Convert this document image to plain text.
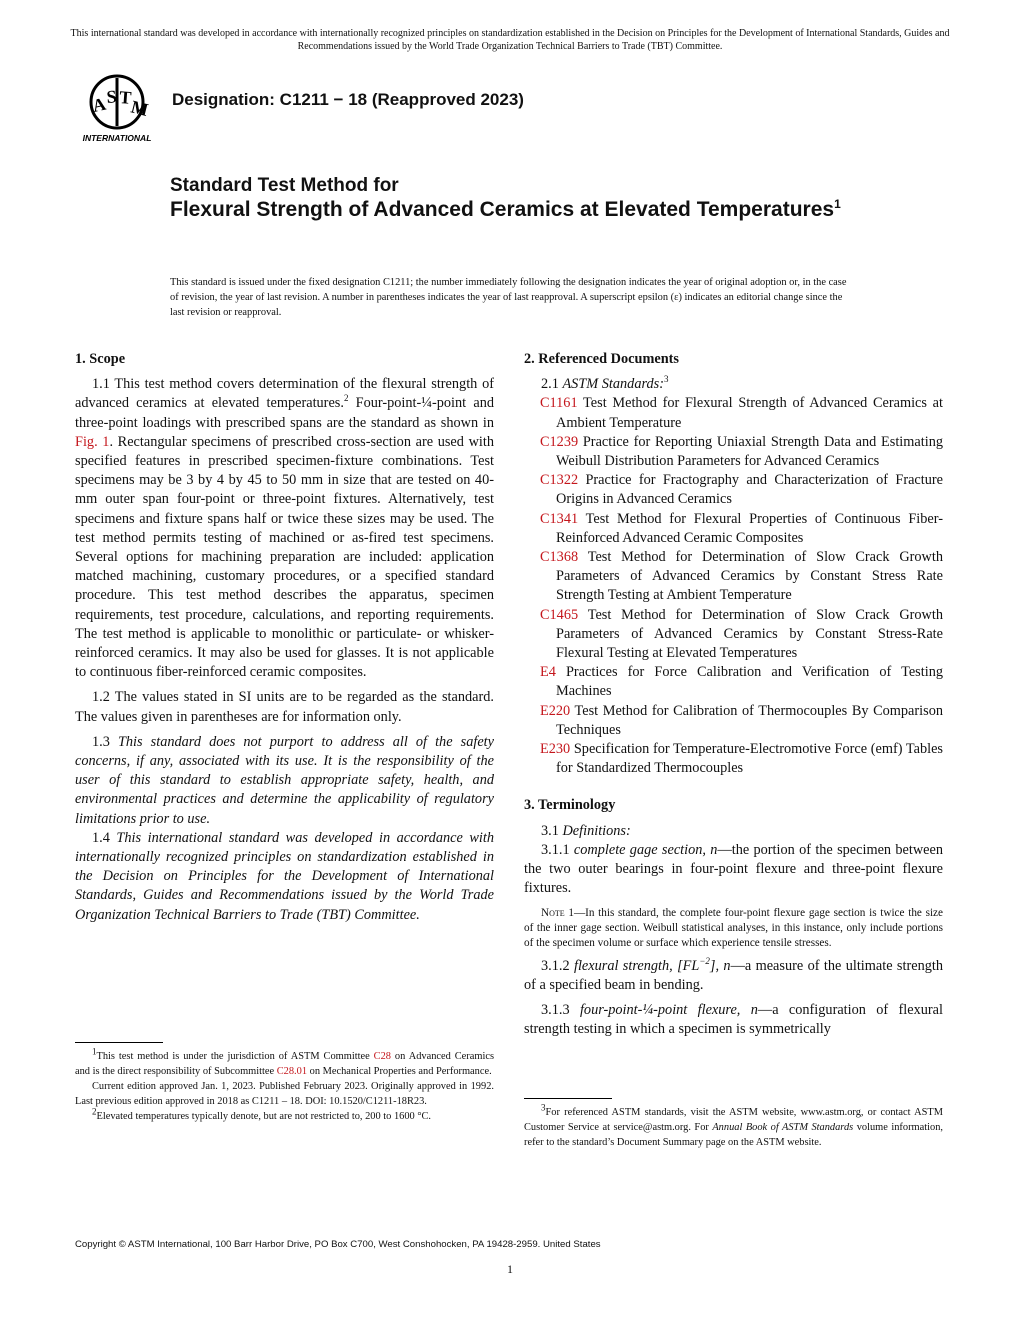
This international standard was developed in accordance with internationally recognized principles on standardization established in the Decision on Principles for the Development of International Standards, Guides and Recommendations issued by the World Trade Organization Technical Barriers to Trade (TBT) Committee.
A
S T
M
INTERNATIONAL
Designation: C1211 − 18 (Reapproved 2023)
Standard Test Method for
Flexural Strength of Advanced Ceramics at Elevated Temperatures$^1$
This standard is issued under the fixed designation C1211; the number immediately following the designation indicates the year of original adoption or, in the case of revision, the year of last revision. A number in parentheses indicates the year of last reapproval. A superscript epsilon (ε) indicates an editorial change since the last revision or reapproval.
1. Scope

1.1 This test method covers determination of the flexural strength of advanced ceramics at elevated temperatures.$^2$ Four-point-¼-point and three-point loadings with prescribed spans are the standard as shown in Fig. 1. Rectangular specimens of prescribed cross-section are used with specified features in prescribed specimen-fixture combinations. Test specimens may be 3 by 4 by 45 to 50 mm in size that are tested on 40-mm outer span four-point or three-point fixtures. Alternatively, test specimens and fixture spans half or twice these sizes may be used. The test method permits testing of machined or as-fired test specimens. Several options for machining preparation are included: application matched machining, customary procedures, or a specified standard procedure. This test method describes the apparatus, specimen requirements, test procedure, calculations, and reporting requirements. The test method is applicable to monolithic or particulate- or whisker-reinforced ceramics. It may also be used for glasses. It is not applicable to continuous fiber-reinforced ceramic composites.

1.2 The values stated in SI units are to be regarded as the standard. The values given in parentheses are for information only.

1.3 This standard does not purport to address all of the safety concerns, if any, associated with its use. It is the responsibility of the user of this standard to establish appropriate safety, health, and environmental practices and determine the applicability of regulatory limitations prior to use.

1.4 This international standard was developed in accordance with internationally recognized principles on standardization established in the Decision on Principles for the Development of International Standards, Guides and Recommendations issued by the World Trade Organization Technical Barriers to Trade (TBT) Committee.

$^1$This test method is under the jurisdiction of ASTM Committee C28 on Advanced Ceramics and is the direct responsibility of Subcommittee C28.01 on Mechanical Properties and Performance.

Current edition approved Jan. 1, 2023. Published February 2023. Originally approved in 1992. Last previous edition approved in 2018 as C1211 – 18. DOI: 10.1520/C1211-18R23.

$^2$Elevated temperatures typically denote, but are not restricted to, 200 to 1600 °C.

2. Referenced Documents

2.1 ASTM Standards:$^3$

C1161 Test Method for Flexural Strength of Advanced Ceramics at Ambient Temperature

C1239 Practice for Reporting Uniaxial Strength Data and Estimating Weibull Distribution Parameters for Advanced Ceramics

C1322 Practice for Fractography and Characterization of Fracture Origins in Advanced Ceramics

C1341 Test Method for Flexural Properties of Continuous Fiber-Reinforced Advanced Ceramic Composites

C1368 Test Method for Determination of Slow Crack Growth Parameters of Advanced Ceramics by Constant Stress Rate Strength Testing at Ambient Temperature

C1465 Test Method for Determination of Slow Crack Growth Parameters of Advanced Ceramics by Constant Stress-Rate Flexural Testing at Elevated Temperatures

E4 Practices for Force Calibration and Verification of Testing Machines

E220 Test Method for Calibration of Thermocouples By Comparison Techniques

E230 Specification for Temperature-Electromotive Force (emf) Tables for Standardized Thermocouples

3. Terminology

3.1 Definitions:

3.1.1 complete gage section, n—the portion of the specimen between the two outer bearings in four-point flexure and three-point flexure fixtures.

Note 1—In this standard, the complete four-point flexure gage section is twice the size of the inner gage section. Weibull statistical analyses, in this instance, only include portions of the specimen volume or surface which experience tensile stresses.

3.1.2 flexural strength, $[FL^{-2}]$, n—a measure of the ultimate strength of a specified beam in bending.

3.1.3 four-point-¼-point flexure, n—a configuration of flexural strength testing in which a specimen is symmetrically

$^3$For referenced ASTM standards, visit the ASTM website, www.astm.org, or contact ASTM Customer Service at service@astm.org. For Annual Book of ASTM Standards volume information, refer to the standard’s Document Summary page on the ASTM website.

Copyright © ASTM International, 100 Barr Harbor Drive, PO Box C700, West Conshohocken, PA 19428-2959. United States
1
